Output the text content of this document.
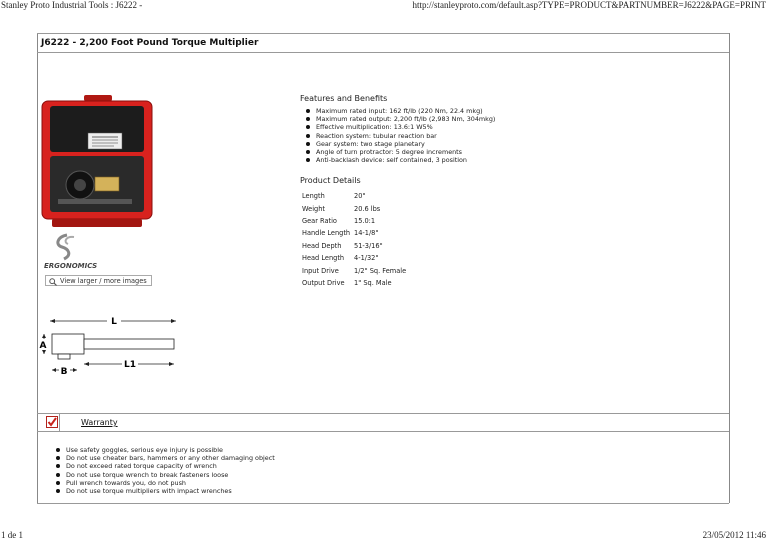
Stanley Proto Industrial Tools : J6222 -	http://stanleyproto.com/default.asp?TYPE=PRODUCT&PARTNUMBER=J6222&PAGE=PRINT
J6222 - 2,200 Foot Pound Torque Multiplier
ERGONOMICS
View larger / more images
L
A
B
L1
Features and Benefits
Maximum rated input: 162 ft/lb (220 Nm, 22.4 mkg)
Maximum rated output: 2,200 ft/lb (2,983 Nm, 304mkg)
Effective multiplication: 13.6:1 W5%
Reaction system: tubular reaction bar
Gear system: two stage planetary
Angle of turn protractor: 5 degree increments
Anti-backlash device: self contained, 3 position
Product Details
Length	20"
Weight	20.6 lbs
Gear Ratio	15.0:1
Handle Length	14-1/8"
Head Depth	51-3/16"
Head Length	4-1/32"
Input Drive	1/2" Sq. Female
Output Drive	1" Sq. Male
Warranty
Use safety goggles, serious eye injury is possible
Do not use cheater bars, hammers or any other damaging object
Do not exceed rated torque capacity of wrench
Do not use torque wrench to break fasteners loose
Pull wrench towards you, do not push
Do not use torque multipliers with impact wrenches
1 de 1	23/05/2012 11:46
